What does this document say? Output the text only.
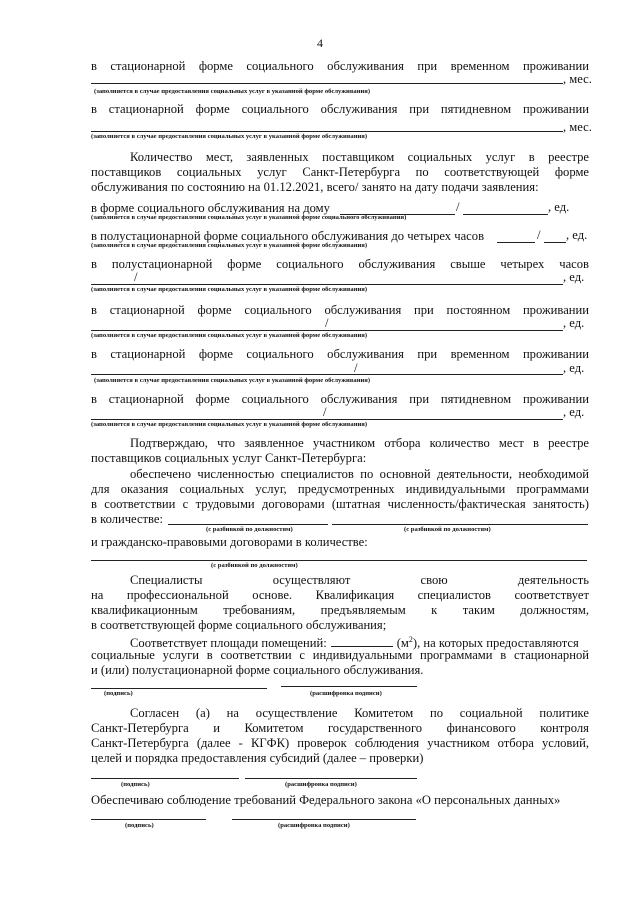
4
в стационарной форме социального обслуживания при временном проживании
, мес.
(заполняется в случае предоставления социальных услуг в указанной форме обслуживания)
в стационарной форме социального обслуживания при пятидневном проживании
, мес.
(заполняется в случае предоставления социальных услуг в указанной форме обслуживания)
Количество мест, заявленных поставщиком социальных услуг в реестре
поставщиков социальных услуг Санкт-Петербурга по соответствующей форме
обслуживания по состоянию на 01.12.2021, всего/ занято на дату подачи заявления:
в форме социального обслуживания на дому	/	, ед.
(заполняется в случае предоставления социальных услуг в указанной форме социального обслуживания)
в полустационарной форме социального обслуживания до четырех часов	/ , ед.
(заполняется в случае предоставления социальных услуг в указанной форме обслуживания)
в полустационарной форме социального обслуживания свыше четырех часов
/	, ед.
(заполняется в случае предоставления социальных услуг в указанной форме обслуживания)
в стационарной форме социального обслуживания при постоянном проживании
/	, ед.
(заполняется в случае предоставления социальных услуг в указанной форме обслуживания)
в стационарной форме социального обслуживания при временном проживании
/	, ед.
(заполняется в случае предоставления социальных услуг в указанной форме обслуживания)
в стационарной форме социального обслуживания при пятидневном проживании
/	, ед.
(заполняется в случае предоставления социальных услуг в указанной форме обслуживания)
Подтверждаю, что заявленное участником отбора количество мест в реестре
поставщиков социальных услуг Санкт-Петербурга:
обеспечено численностью специалистов по основной деятельности, необходимой
для оказания социальных услуг, предусмотренных индивидуальными программами
в соответствии с трудовыми договорами (штатная численность/фактическая занятость)
в количестве:
(с разбивкой по должностям)	(с разбивкой по должностям)
и гражданско-правовыми договорами в количестве:
(с разбивкой по должностям)
Специалисты	осуществляют	свою	деятельность
на профессиональной основе. Квалификация специалистов соответствует
квалификационным требованиям, предъявляемым к таким должностям,
в соответствующей форме социального обслуживания;
Соответствует площади помещений:	$(м^2)$, на которых предоставляются
социальные услуги в соответствии с индивидуальными программами в стационарной
и (или) полустационарной форме социального обслуживания.
(подпись)	(расшифровка подписи)
Согласен (а) на осуществление Комитетом по социальной политике
Санкт-Петербурга и Комитетом государственного финансового контроля
Санкт-Петербурга (далее - КГФК) проверок соблюдения участником отбора условий,
целей и порядка предоставления субсидий (далее – проверки)
(подпись)	(расшифровка подписи)
Обеспечиваю соблюдение требований Федерального закона «О персональных данных»
(подпись)	(расшифровка подписи)
